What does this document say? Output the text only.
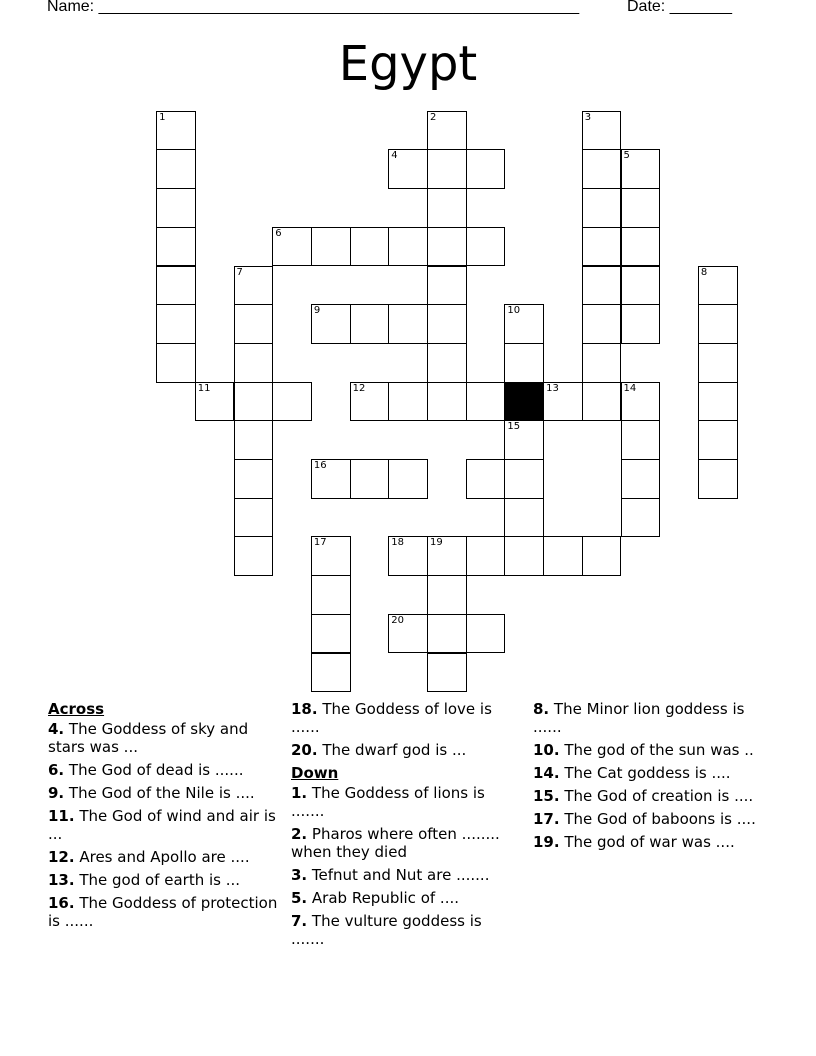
Name: ______________________________________________________	Date: _______
Egypt
1	2	3
4	5
6
7	8
9	10
11	12	13	14
15
16
17	18	19
20
Across
4. The Goddess of sky and stars was ...
6. The God of dead is ......
9. The God of the Nile is ....
11. The God of wind and air is ...
12. Ares and Apollo are ....
13. The god of earth is ...
16. The Goddess of protection is ......
18. The Goddess of love is ......
20. The dwarf god is ...
Down
1. The Goddess of lions is .......
2. Pharos where often ........ when they died
3. Tefnut and Nut are .......
5. Arab Republic of ....
7. The vulture goddess is .......
8. The Minor lion goddess is ......
10. The god of the sun was ..
14. The Cat goddess is ....
15. The God of creation is ....
17. The God of baboons is ....
19. The god of war was ....
